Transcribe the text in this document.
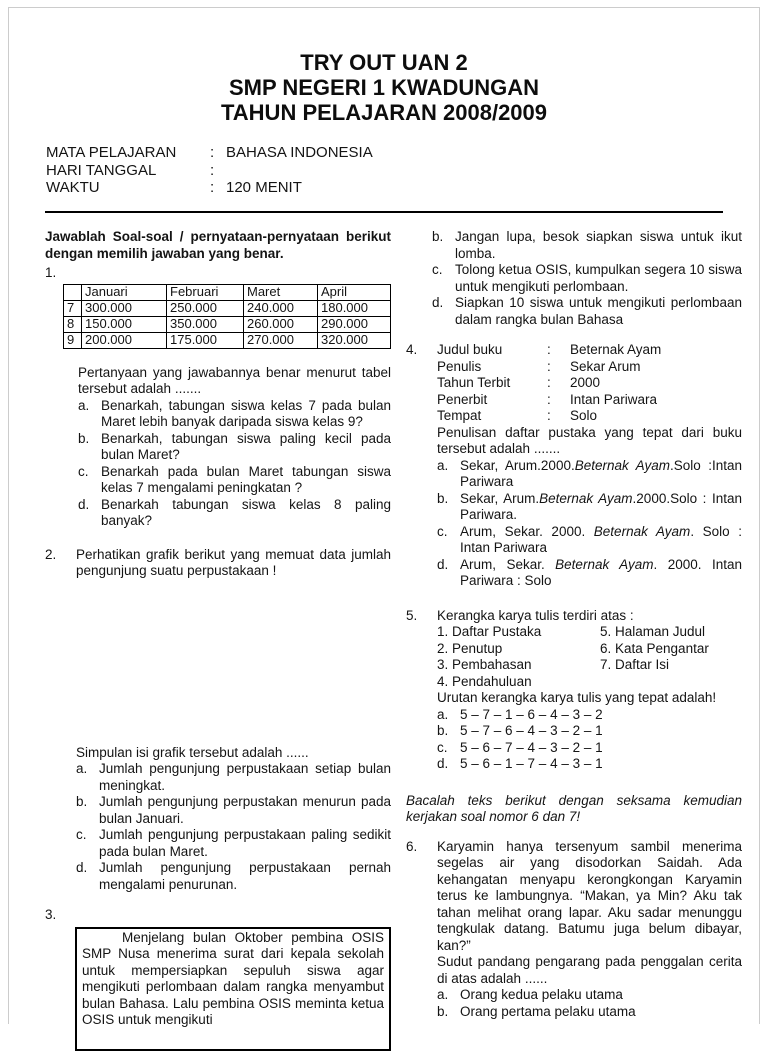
TRY OUT UAN 2
SMP NEGERI 1 KWADUNGAN
TAHUN PELAJARAN 2008/2009
MATA PELAJARAN	: BAHASA INDONESIA
HARI TANGGAL	:
WAKTU	: 120 MENIT

Jawablah Soal-soal / pernyataan-pernyataan berikut dengan memilih jawaban yang benar.

1.
	Januari	Februari	Maret	April
7	300.000	250.000	240.000	180.000
8	150.000	350.000	260.000	290.000
9	200.000	175.000	270.000	320.000

Pertanyaan yang jawabannya benar menurut tabel tersebut adalah .......

a. Benarkah, tabungan siswa kelas 7 pada bulan Maret lebih banyak daripada siswa kelas 9?
b. Benarkah, tabungan siswa paling kecil pada bulan Maret?
c. Benarkah pada bulan Maret tabungan siswa kelas 7 mengalami peningkatan ?
d. Benarkah tabungan siswa kelas 8 paling banyak?
2.	Perhatikan grafik berikut yang memuat data jumlah pengunjung suatu perpustakaan !

Simpulan isi grafik tersebut adalah ......

a. Jumlah pengunjung perpustakaan setiap bulan meningkat.
b. Jumlah pengunjung perpustakan menurun pada bulan Januari.
c. Jumlah pengunjung perpustakaan paling sedikit pada bulan Maret.
d. Jumlah pengunjung perpustakaan pernah mengalami penurunan.
3.

Menjelang bulan Oktober pembina OSIS SMP Nusa menerima surat dari kepala sekolah untuk mempersiapkan sepuluh siswa agar mengikuti perlombaan dalam rangka menyambut bulan Bahasa. Lalu pembina OSIS meminta ketua OSIS untuk mengikuti

b. Jangan lupa, besok siapkan siswa untuk ikut lomba.
c. Tolong ketua OSIS, kumpulkan segera 10 siswa untuk mengikuti perlombaan.
d. Siapkan 10 siswa untuk mengikuti perlombaan dalam rangka bulan Bahasa
4.	Judul buku	:	Beternak Ayam
Penulis	:	Sekar Arum
Tahun Terbit	:	2000
Penerbit	:	Intan Pariwara
Tempat	:	Solo

Penulisan daftar pustaka yang tepat dari buku tersebut adalah .......

a. Sekar, Arum.2000.Beternak Ayam.Solo :Intan Pariwara
b. Sekar, Arum.Beternak Ayam.2000.Solo : Intan Pariwara.
c. Arum, Sekar. 2000. Beternak Ayam. Solo : Intan Pariwara
d. Arum, Sekar. Beternak Ayam. 2000. Intan Pariwara : Solo
5.	Kerangka karya tulis terdiri atas :

1. Daftar Pustaka	5. Halaman Judul
2. Penutup	6. Kata Pengantar
3. Pembahasan	7. Daftar Isi
4. Pendahuluan

Urutan kerangka karya tulis yang tepat adalah!

a. 5 – 7 – 1 – 6 – 4 – 3 – 2
b. 5 – 7 – 6 – 4 – 3 – 2 – 1
c. 5 – 6 – 7 – 4 – 3 – 2 – 1
d. 5 – 6 – 1 – 7 – 4 – 3 – 1

Bacalah teks berikut dengan seksama kemudian kerjakan soal nomor 6 dan 7!

6.	Karyamin hanya tersenyum sambil menerima segelas air yang disodorkan Saidah. Ada kehangatan menyapu kerongkongan Karyamin terus ke lambungnya. “Makan, ya Min? Aku tak tahan melihat orang lapar. Aku sadar menunggu tengkulak datang. Batumu juga belum dibayar, kan?”

Sudut pandang pengarang pada penggalan cerita di atas adalah ......

a. Orang kedua pelaku utama
b. Orang pertama pelaku utama
